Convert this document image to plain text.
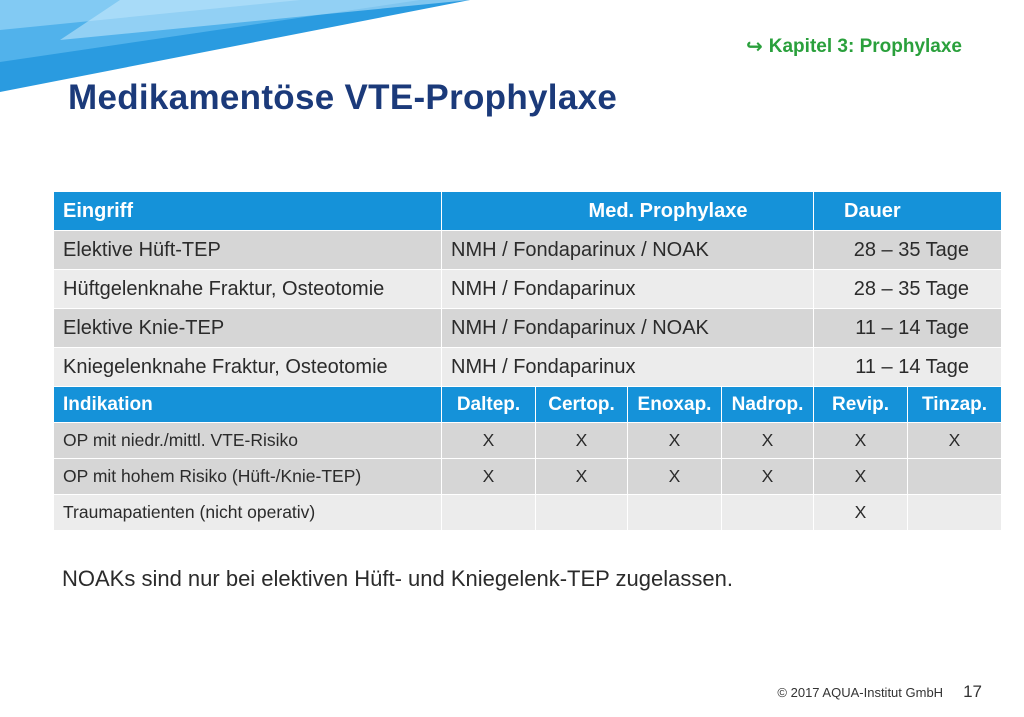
↪ Kapitel 3: Prophylaxe
Medikamentöse VTE-Prophylaxe
Eingriff	Med. Prophylaxe				Dauer	
Elektive Hüft-TEP	NMH / Fondaparinux / NOAK				28 – 35 Tage	
Hüftgelenknahe Fraktur, Osteotomie	NMH / Fondaparinux				28 – 35 Tage	
Elektive Knie-TEP	NMH / Fondaparinux / NOAK				11 – 14 Tage	
Kniegelenknahe Fraktur, Osteotomie	NMH / Fondaparinux				11 – 14 Tage	
Indikation	Daltep.	Certop.	Enoxap.	Nadrop.	Revip.	Tinzap.
OP mit niedr./mittl. VTE-Risiko	X	X	X	X	X	X
OP mit hohem Risiko (Hüft-/Knie-TEP)	X	X	X	X	X	
Traumapatienten (nicht operativ)					X	

NOAKs sind nur bei elektiven Hüft- und Kniegelenk-TEP zugelassen.

© 2017 AQUA-Institut GmbH 17
